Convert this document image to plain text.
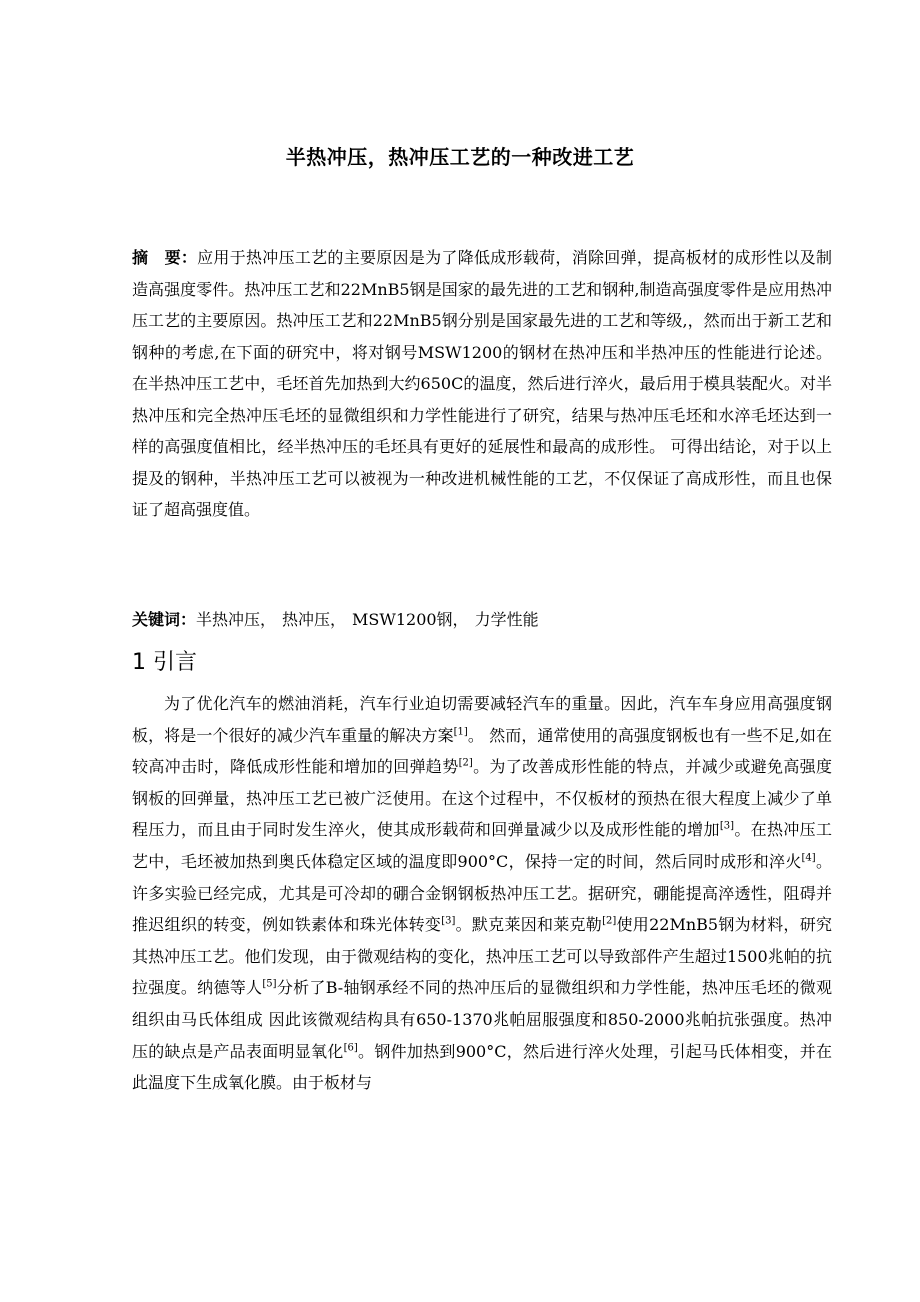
半热冲压，热冲压工艺的一种改进工艺
摘　要：应用于热冲压工艺的主要原因是为了降低成形载荷，消除回弹，提高板材的成形性以及制造高强度零件。热冲压工艺和22MnB5钢是国家的最先进的工艺和钢种,制造高强度零件是应用热冲压工艺的主要原因。热冲压工艺和22MnB5钢分别是国家最先进的工艺和等级,，然而出于新工艺和钢种的考虑,在下面的研究中，将对钢号MSW1200的钢材在热冲压和半热冲压的性能进行论述。 在半热冲压工艺中，毛坯首先加热到大约650C的温度，然后进行淬火，最后用于模具装配火。对半热冲压和完全热冲压毛坯的显微组织和力学性能进行了研究，结果与热冲压毛坯和水淬毛坯达到一样的高强度值相比，经半热冲压的毛坯具有更好的延展性和最高的成形性。 可得出结论，对于以上提及的钢种，半热冲压工艺可以被视为一种改进机械性能的工艺，不仅保证了高成形性，而且也保证了超高强度值。
关键词：半热冲压， 热冲压， MSW1200钢， 力学性能
1 引言
为了优化汽车的燃油消耗，汽车行业迫切需要减轻汽车的重量。因此，汽车车身应用高强度钢板，将是一个很好的减少汽车重量的解决方案[1]。 然而，通常使用的高强度钢板也有一些不足,如在较高冲击时，降低成形性能和增加的回弹趋势[2]。为了改善成形性能的特点，并减少或避免高强度钢板的回弹量，热冲压工艺已被广泛使用。在这个过程中，不仅板材的预热在很大程度上减少了单程压力，而且由于同时发生淬火，使其成形载荷和回弹量减少以及成形性能的增加[3]。在热冲压工艺中，毛坯被加热到奥氏体稳定区域的温度即900°C，保持一定的时间，然后同时成形和淬火[4]。许多实验已经完成，尤其是可冷却的硼合金钢钢板热冲压工艺。据研究，硼能提高淬透性，阻碍并推迟组织的转变，例如铁素体和珠光体转变[3]。默克莱因和莱克勒[2]使用22MnB5钢为材料，研究其热冲压工艺。他们发现，由于微观结构的变化，热冲压工艺可以导致部件产生超过1500兆帕的抗拉强度。纳德等人[5]分析了B-轴钢承经不同的热冲压后的显微组织和力学性能，热冲压毛坯的微观组织由马氏体组成 因此该微观结构具有650-1370兆帕屈服强度和850-2000兆帕抗张强度。热冲压的缺点是产品表面明显氧化[6]。钢件加热到900°C，然后进行淬火处理，引起马氏体相变，并在此温度下生成氧化膜。由于板材与
